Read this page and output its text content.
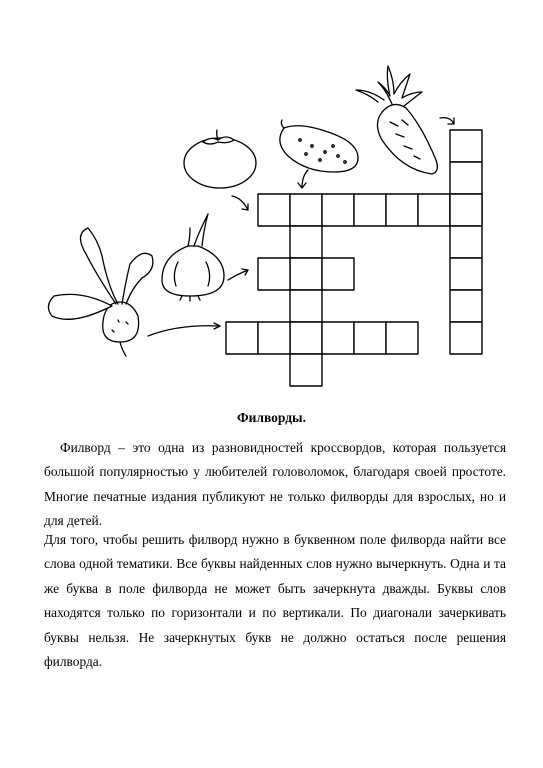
Филворды.

Филворд – это одна из разновидностей кроссвордов, которая пользуется большой популярностью у любителей головоломок, благодаря своей простоте. Многие печатные издания публикуют не только филворды для взрослых, но и для детей.

Для того, чтобы решить филворд нужно в буквенном поле филворда найти все слова одной тематики. Все буквы найденных слов нужно вычеркнуть. Одна и та же буква в поле филворда не может быть зачеркнута дважды. Буквы слов находятся только по горизонтали и по вертикали. По диагонали зачеркивать буквы нельзя. Не зачеркнутых букв не должно остаться после решения филворда.
